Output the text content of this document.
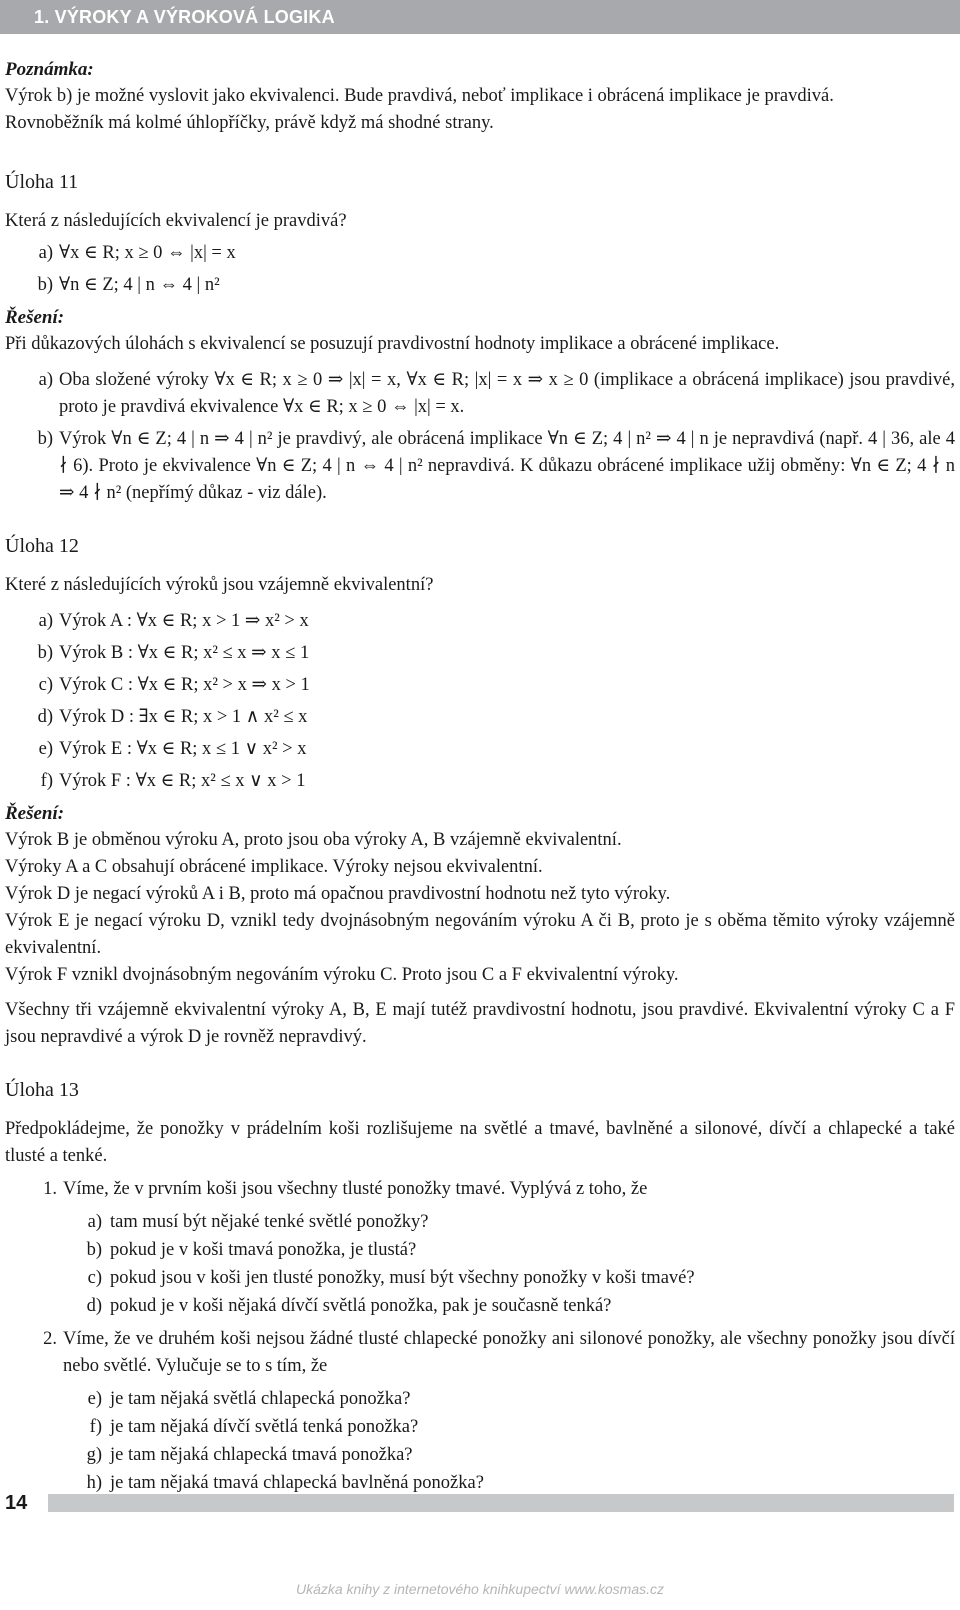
1. VÝROKY A VÝROKOVÁ LOGIKA

Poznámka:

Výrok b) je možné vyslovit jako ekvivalenci. Bude pravdivá, neboť implikace i obrácená implikace je pravdivá.

Rovnoběžník má kolmé úhlopříčky, právě když má shodné strany.

Úloha 11

Která z následujících ekvivalencí je pravdivá?

a) ∀x ∈ R; x ≥ 0 ⇔ |x| = x
b) ∀n ∈ Z; 4 | n ⇔ 4 | n²

Řešení:

Při důkazových úlohách s ekvivalencí se posuzují pravdivostní hodnoty implikace a obrácené implikace.

a) Oba složené výroky ∀x ∈ R; x ≥ 0 ⇒ |x| = x, ∀x ∈ R; |x| = x ⇒ x ≥ 0 (implikace a obrácená implikace) jsou pravdivé, proto je pravdivá ekvivalence ∀x ∈ R; x ≥ 0 ⇔ |x| = x.
b) Výrok ∀n ∈ Z; 4 | n ⇒ 4 | n² je pravdivý, ale obrácená implikace ∀n ∈ Z; 4 | n² ⇒ 4 | n je nepravdivá (např. 4 | 36, ale 4 ∤ 6). Proto je ekvivalence ∀n ∈ Z; 4 | n ⇔ 4 | n² nepravdivá. K důkazu obrácené implikace užij obměny: ∀n ∈ Z; 4 ∤ n ⇒ 4 ∤ n² (nepřímý důkaz - viz dále).

Úloha 12

Které z následujících výroků jsou vzájemně ekvivalentní?

a) Výrok A : ∀x ∈ R; x > 1 ⇒ x² > x
b) Výrok B : ∀x ∈ R; x² ≤ x ⇒ x ≤ 1
c) Výrok C : ∀x ∈ R; x² > x ⇒ x > 1
d) Výrok D : ∃x ∈ R; x > 1 ∧ x² ≤ x
e) Výrok E : ∀x ∈ R; x ≤ 1 ∨ x² > x
f) Výrok F : ∀x ∈ R; x² ≤ x ∨ x > 1

Řešení:

Výrok B je obměnou výroku A, proto jsou oba výroky A, B vzájemně ekvivalentní.

Výroky A a C obsahují obrácené implikace. Výroky nejsou ekvivalentní.

Výrok D je negací výroků A i B, proto má opačnou pravdivostní hodnotu než tyto výroky.

Výrok E je negací výroku D, vznikl tedy dvojnásobným negováním výroku A či B, proto je s oběma těmito výroky vzájemně ekvivalentní.

Výrok F vznikl dvojnásobným negováním výroku C. Proto jsou C a F ekvivalentní výroky.

Všechny tři vzájemně ekvivalentní výroky A, B, E mají tutéž pravdivostní hodnotu, jsou pravdivé. Ekvivalentní výroky C a F jsou nepravdivé a výrok D je rovněž nepravdivý.

Úloha 13

Předpokládejme, že ponožky v prádelním koši rozlišujeme na světlé a tmavé, bavlněné a silonové, dívčí a chlapecké a také tlusté a tenké.

1. Víme, že v prvním koši jsou všechny tlusté ponožky tmavé. Vyplývá z toho, že
a) tam musí být nějaké tenké světlé ponožky?
b) pokud je v koši tmavá ponožka, je tlustá?
c) pokud jsou v koši jen tlusté ponožky, musí být všechny ponožky v koši tmavé?
d) pokud je v koši nějaká dívčí světlá ponožka, pak je současně tenká?
2. Víme, že ve druhém koši nejsou žádné tlusté chlapecké ponožky ani silonové ponožky, ale všechny ponožky jsou dívčí nebo světlé. Vylučuje se to s tím, že
e) je tam nějaká světlá chlapecká ponožka?
f) je tam nějaká dívčí světlá tenká ponožka?
g) je tam nějaká chlapecká tmavá ponožka?
h) je tam nějaká tmavá chlapecká bavlněná ponožka?
14
Ukázka knihy z internetového knihkupectví www.kosmas.cz
